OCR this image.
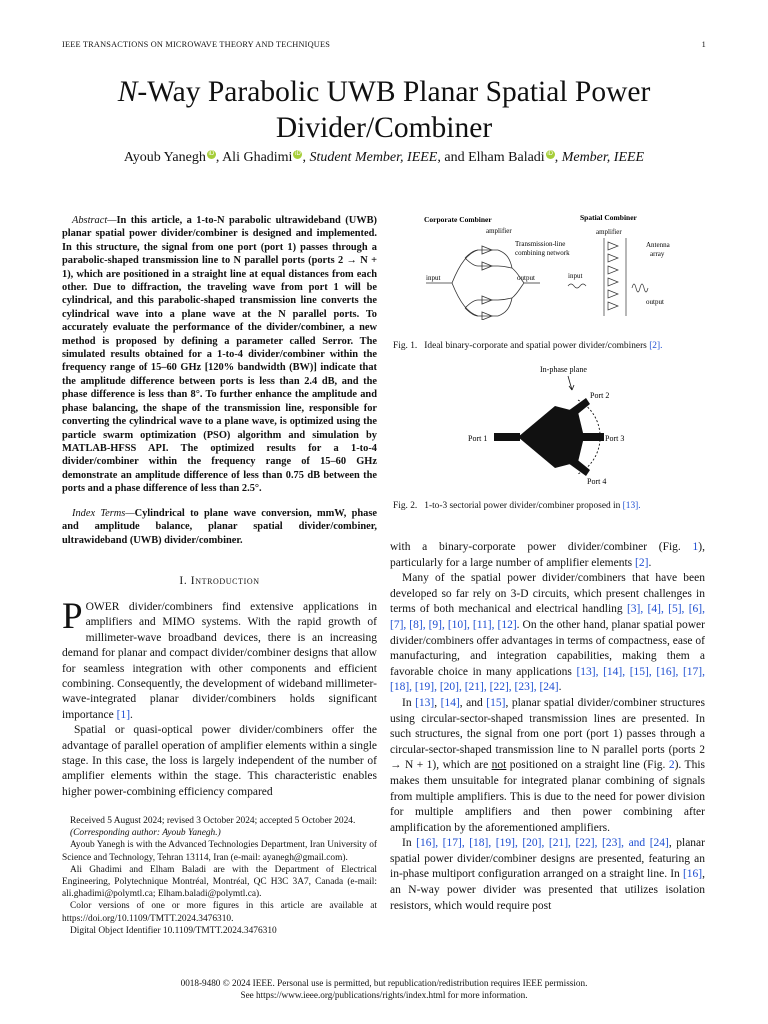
IEEE TRANSACTIONS ON MICROWAVE THEORY AND TECHNIQUES	1
N-Way Parabolic UWB Planar Spatial Power
Divider/Combiner
Ayoub Yanegh iD , Ali Ghadimi iD , Student Member, IEEE, and Elham Baladi iD , Member, IEEE

Abstract—In this article, a 1-to-N parabolic ultrawideband (UWB) planar spatial power divider/combiner is designed and implemented. In this structure, the signal from one port (port 1) passes through a parabolic-shaped transmission line to N parallel ports (ports 2 → N + 1), which are positioned in a straight line at equal distances from each other. Due to diffraction, the traveling wave from port 1 will be cylindrical, and this parabolic-shaped transmission line converts the cylindrical wave into a plane wave at the N parallel ports. To accurately evaluate the performance of the divider/combiner, a new method is proposed by defining a parameter called Serror. The simulated results obtained for a 1-to-4 divider/combiner within the frequency range of 15–60 GHz [120% bandwidth (BW)] indicate that the amplitude difference between ports is less than 2.4 dB, and the phase difference is less than 8°. To further enhance the amplitude and phase balancing, the shape of the transmission line, responsible for converting the cylindrical wave to a plane wave, is optimized using the particle swarm optimization (PSO) algorithm and simulation by MATLAB-HFSS API. The optimized results for a 1-to-4 divider/combiner within the frequency range of 15–60 GHz demonstrate an amplitude difference of less than 0.75 dB between the ports and a phase difference of less than 2.5°.

Index Terms—Cylindrical to plane wave conversion, mmW, phase and amplitude balance, planar spatial divider/combiner, ultrawideband (UWB) divider/combiner.

I. Introduction

POWER divider/combiners find extensive applications in amplifiers and MIMO systems. With the rapid growth of millimeter-wave broadband devices, there is an increasing demand for planar and compact divider/combiner designs that allow for seamless integration with other components and efficient combining. Consequently, the development of wideband millimeter-wave-integrated planar divider/combiners holds significant importance [1].

Spatial or quasi-optical power divider/combiners offer the advantage of parallel operation of amplifier elements within a single stage. In this case, the loss is largely independent of the number of amplifier elements within the stage. This characteristic enables higher power-combining efficiency compared

Received 5 August 2024; revised 3 October 2024; accepted 5 October 2024.

(Corresponding author: Ayoub Yanegh.)

Ayoub Yanegh is with the Advanced Technologies Department, Iran University of Science and Technology, Tehran 13114, Iran (e-mail: ayanegh@gmail.com).

Ali Ghadimi and Elham Baladi are with the Department of Electrical Engineering, Polytechnique Montréal, Montréal, QC H3C 3A7, Canada (e-mail: ali.ghadimi@polymtl.ca; Elham.baladi@polymtl.ca).

Color versions of one or more figures in this article are available at https://doi.org/10.1109/TMTT.2024.3476310.

Digital Object Identifier 10.1109/TMTT.2024.3476310

Corporate Combiner	Spatial Combiner
amplifier
Transmission-line
combining network
amplifier
Antenna
array
input	output	input
output
Fig. 1. Ideal binary-corporate and spatial power divider/combiners [2].
In-phase plane
Port 1
Port 2
Port 3
Port 4
Fig. 2. 1-to-3 sectorial power divider/combiner proposed in [13].

with a binary-corporate power divider/combiner (Fig. 1), particularly for a large number of amplifier elements [2].

Many of the spatial power divider/combiners that have been developed so far rely on 3-D circuits, which present challenges in terms of both mechanical and electrical handling [3], [4], [5], [6], [7], [8], [9], [10], [11], [12]. On the other hand, planar spatial power divider/combiners offer advantages in terms of compactness, ease of manufacturing, and integration capabilities, making them a favorable choice in many applications [13], [14], [15], [16], [17], [18], [19], [20], [21], [22], [23], [24].

In [13], [14], and [15], planar spatial divider/combiner structures using circular-sector-shaped transmission lines are presented. In such structures, the signal from one port (port 1) passes through a circular-sector-shaped transmission line to N parallel ports (ports 2 → N + 1), which are not positioned on a straight line (Fig. 2). This makes them unsuitable for integrated planar combining of signals from multiple amplifiers. This is due to the need for power division for multiple amplifiers and then power combining after amplification by the aforementioned amplifiers.

In [16], [17], [18], [19], [20], [21], [22], [23], and [24], planar spatial power divider/combiner designs are presented, featuring an in-phase multiport configuration arranged on a straight line. In [16], an N-way power divider was presented that utilizes isolation resistors, which would require post

0018-9480 © 2024 IEEE. Personal use is permitted, but republication/redistribution requires IEEE permission.
See https://www.ieee.org/publications/rights/index.html for more information.
